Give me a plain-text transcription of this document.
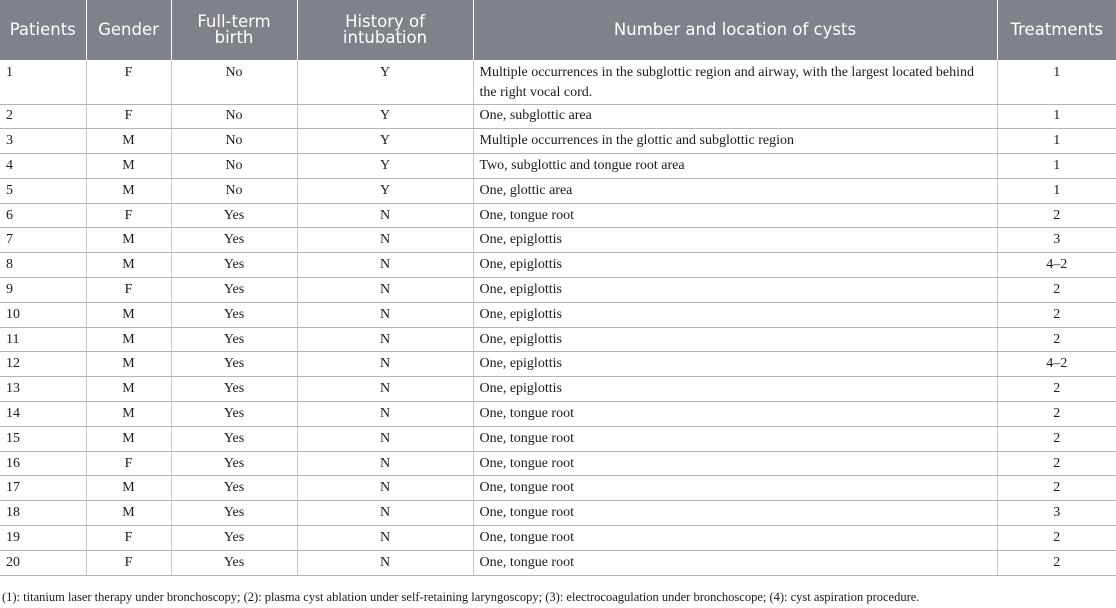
Patients	Gender	Full-term birth	History of intubation	Number and location of cysts	Treatments
1	F	No	Y	Multiple occurrences in the subglottic region and airway, with the largest located behind the right vocal cord.	1
2	F	No	Y	One, subglottic area	1
3	M	No	Y	Multiple occurrences in the glottic and subglottic region	1
4	M	No	Y	Two, subglottic and tongue root area	1
5	M	No	Y	One, glottic area	1
6	F	Yes	N	One, tongue root	2
7	M	Yes	N	One, epiglottis	3
8	M	Yes	N	One, epiglottis	4–2
9	F	Yes	N	One, epiglottis	2
10	M	Yes	N	One, epiglottis	2
11	M	Yes	N	One, epiglottis	2
12	M	Yes	N	One, epiglottis	4–2
13	M	Yes	N	One, epiglottis	2
14	M	Yes	N	One, tongue root	2
15	M	Yes	N	One, tongue root	2
16	F	Yes	N	One, tongue root	2
17	M	Yes	N	One, tongue root	2
18	M	Yes	N	One, tongue root	3
19	F	Yes	N	One, tongue root	2
20	F	Yes	N	One, tongue root	2
(1): titanium laser therapy under bronchoscopy; (2): plasma cyst ablation under self-retaining laryngoscopy; (3): electrocoagulation under bronchoscope; (4): cyst aspiration procedure.
